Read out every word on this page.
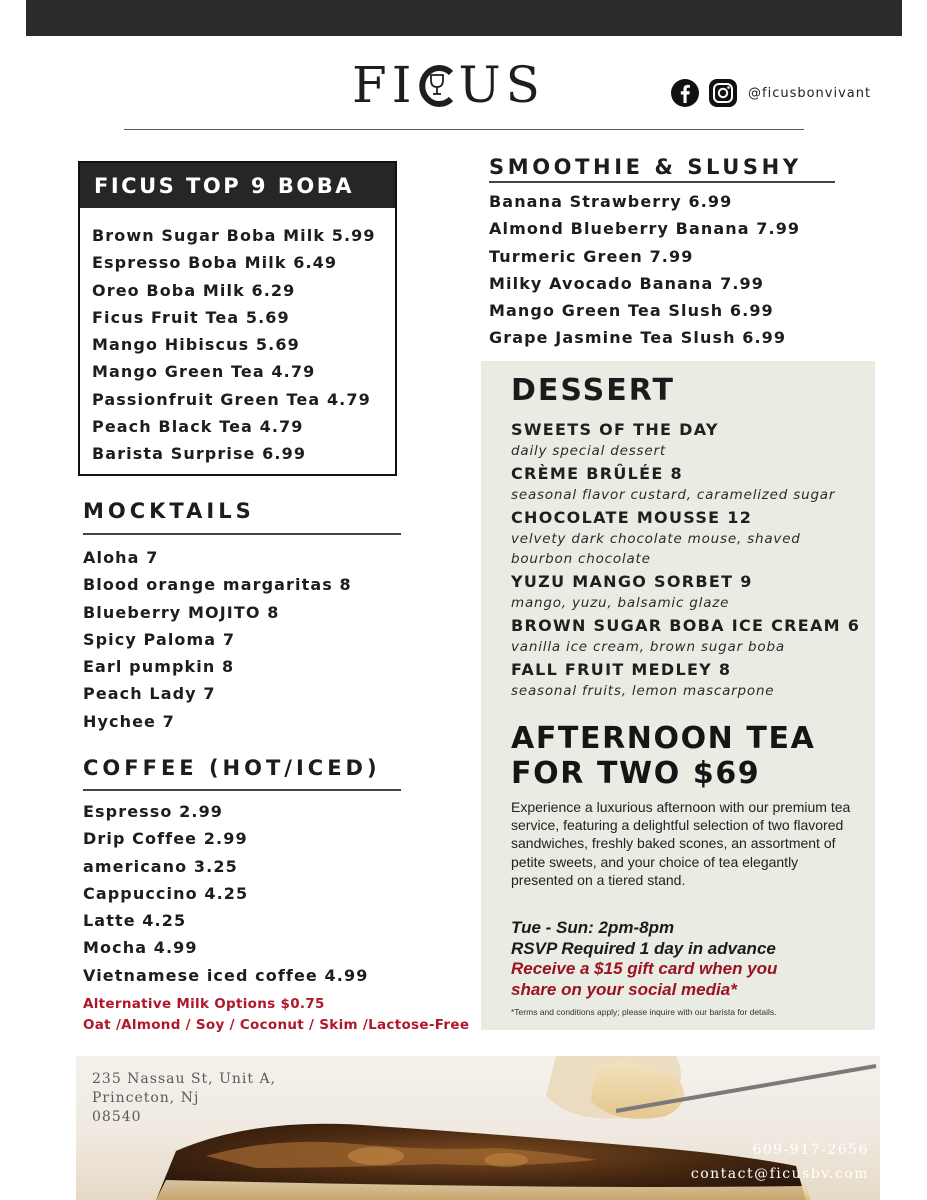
F I U S	@ficusbonvivant
FICUS TOP 9 BOBA
Brown Sugar Boba Milk 5.99
Espresso Boba Milk 6.49
Oreo Boba Milk 6.29
Ficus Fruit Tea 5.69
Mango Hibiscus 5.69
Mango Green Tea 4.79
Passionfruit Green Tea 4.79
Peach Black Tea 4.79
Barista Surprise 6.99
MOCKTAILS
Aloha 7
Blood orange margaritas 8
Blueberry MOJITO 8
Spicy Paloma 7
Earl pumpkin 8
Peach Lady 7
Hychee 7
COFFEE (HOT/ICED)
Espresso 2.99
Drip Coffee 2.99
americano 3.25
Cappuccino 4.25
Latte 4.25
Mocha 4.99
Vietnamese iced coffee 4.99
Alternative Milk Options $0.75
Oat /Almond / Soy / Coconut / Skim /Lactose-Free
SMOOTHIE & SLUSHY
Banana Strawberry 6.99
Almond Blueberry Banana 7.99
Turmeric Green 7.99
Milky Avocado Banana 7.99
Mango Green Tea Slush 6.99
Grape Jasmine Tea Slush 6.99
DESSERT
SWEETS OF THE DAY
daily special dessert
CRÈME BRÛLÉE 8
seasonal flavor custard, caramelized sugar
CHOCOLATE MOUSSE 12
velvety dark chocolate mouse, shaved bourbon chocolate
YUZU MANGO SORBET 9
mango, yuzu, balsamic glaze
BROWN SUGAR BOBA ICE CREAM 6
vanilla ice cream, brown sugar boba
FALL FRUIT MEDLEY 8
seasonal fruits, lemon mascarpone
AFTERNOON TEA
FOR TWO $69
Experience a luxurious afternoon with our premium tea service, featuring a delightful selection of two flavored sandwiches, freshly baked scones, an assortment of petite sweets, and your choice of tea elegantly presented on a tiered stand.
Tue - Sun: 2pm-8pm
RSVP Required 1 day in advance
Receive a $15 gift card when you
share on your social media*
*Terms and conditions apply; please inquire with our barista for details.
235 Nassau St, Unit A,
Princeton, Nj
08540
609-917-2656
contact@ficusbv.com
